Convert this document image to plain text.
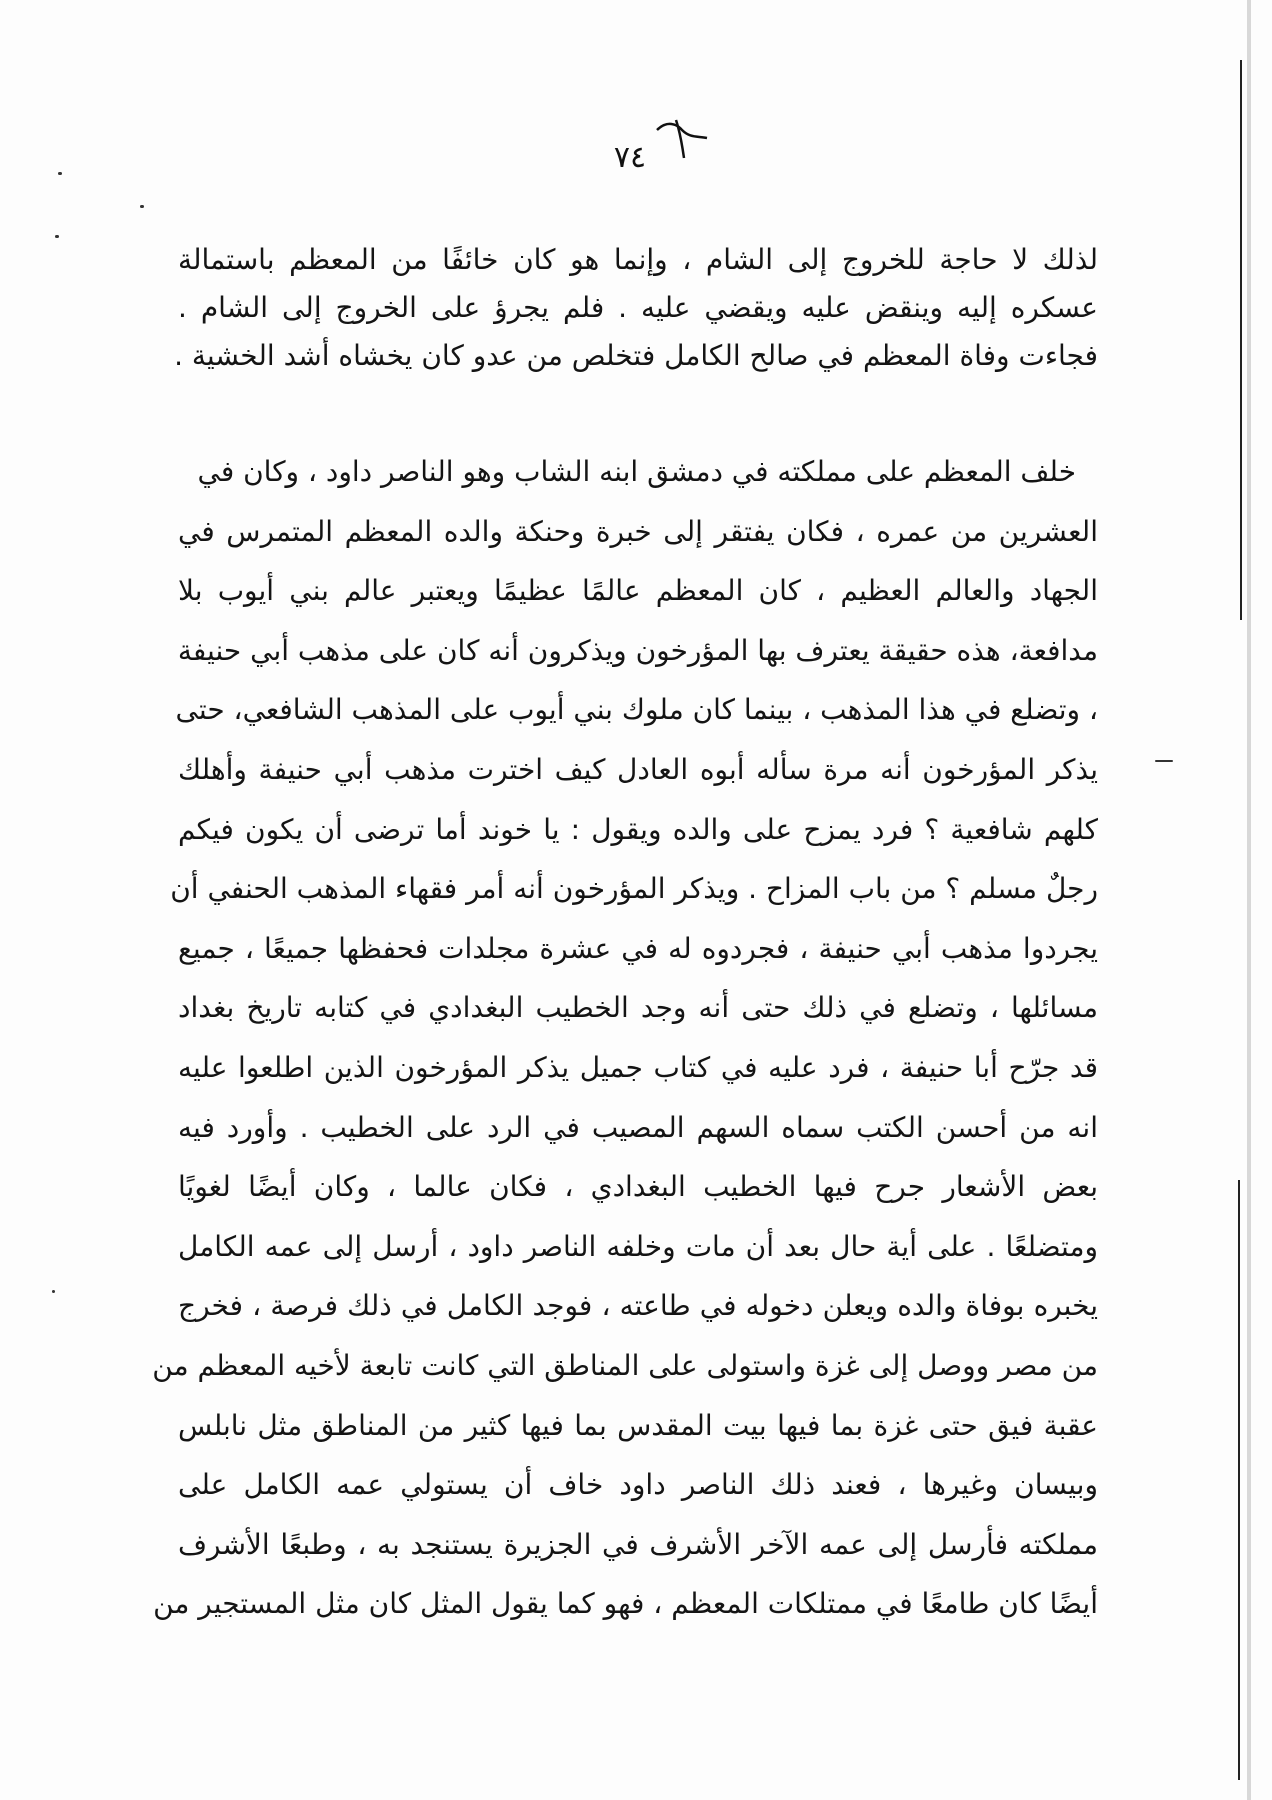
٧٤
لذلك لا حاجة للخروج إلى الشام ، وإنما هو كان خائفًا من المعظم باستمالة
عسكره إليه وينقض عليه ويقضي عليه . فلم يجرؤ على الخروج إلى الشام .
فجاءت وفاة المعظم في صالح الكامل فتخلص من عدو كان يخشاه أشد الخشية .
خلف المعظم على مملكته في دمشق ابنه الشاب وهو الناصر داود ، وكان في
العشرين من عمره ، فكان يفتقر إلى خبرة وحنكة والده المعظم المتمرس في
الجهاد والعالم العظيم ، كان المعظم عالمًا عظيمًا ويعتبر عالم بني أيوب بلا
مدافعة، هذه حقيقة يعترف بها المؤرخون ويذكرون أنه كان على مذهب أبي حنيفة
، وتضلع في هذا المذهب ، بينما كان ملوك بني أيوب على المذهب الشافعي، حتى
يذكر المؤرخون أنه مرة سأله أبوه العادل كيف اخترت مذهب أبي حنيفة وأهلك
كلهم شافعية ؟ فرد يمزح على والده ويقول : يا خوند أما ترضى أن يكون فيكم
رجلٌ مسلم ؟ من باب المزاح . ويذكر المؤرخون أنه أمر فقهاء المذهب الحنفي أن
يجردوا مذهب أبي حنيفة ، فجردوه له في عشرة مجلدات فحفظها جميعًا ، جميع
مسائلها ، وتضلع في ذلك حتى أنه وجد الخطيب البغدادي في كتابه تاريخ بغداد
قد جرّح أبا حنيفة ، فرد عليه في كتاب جميل يذكر المؤرخون الذين اطلعوا عليه
انه من أحسن الكتب سماه السهم المصيب في الرد على الخطيب . وأورد فيه
بعض الأشعار جرح فيها الخطيب البغدادي ، فكان عالما ، وكان أيضًا لغويًا
ومتضلعًا . على أية حال بعد أن مات وخلفه الناصر داود ، أرسل إلى عمه الكامل
يخبره بوفاة والده ويعلن دخوله في طاعته ، فوجد الكامل في ذلك فرصة ، فخرج
من مصر ووصل إلى غزة واستولى على المناطق التي كانت تابعة لأخيه المعظم من
عقبة فيق حتى غزة بما فيها بيت المقدس بما فيها كثير من المناطق مثل نابلس
وبيسان وغيرها ، فعند ذلك الناصر داود خاف أن يستولي عمه الكامل على
مملكته فأرسل إلى عمه الآخر الأشرف في الجزيرة يستنجد به ، وطبعًا الأشرف
أيضًا كان طامعًا في ممتلكات المعظم ، فهو كما يقول المثل كان مثل المستجير من
